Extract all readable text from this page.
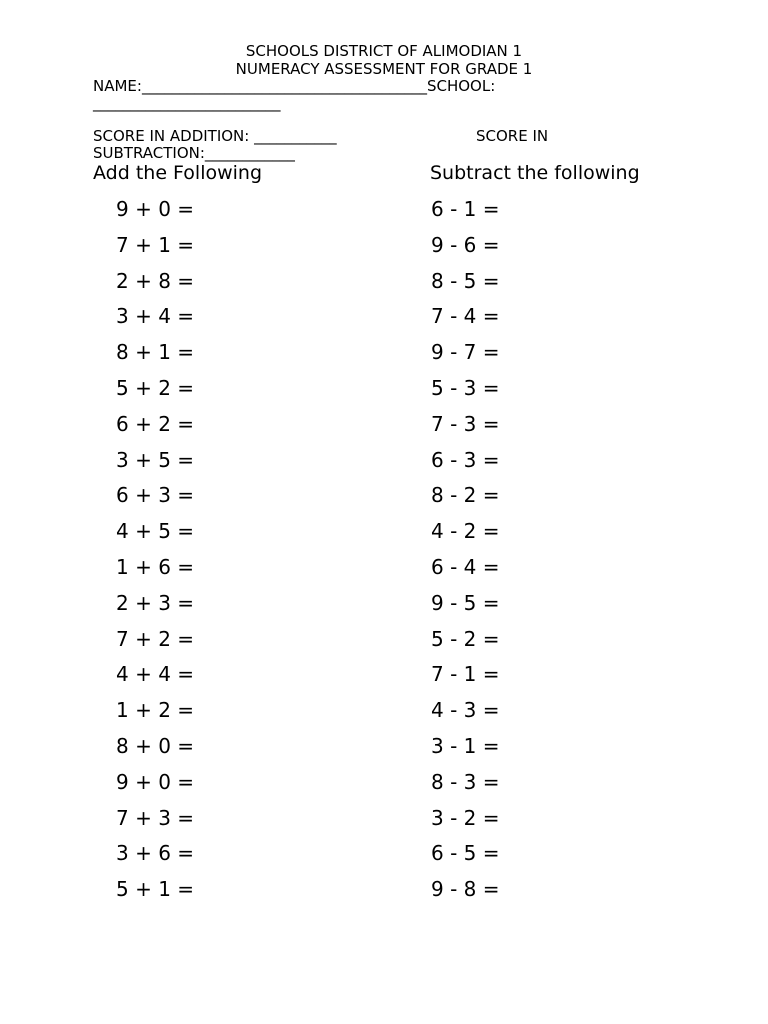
SCHOOLS DISTRICT OF ALIMODIAN 1
NUMERACY ASSESSMENT FOR GRADE 1
NAME:______________________________________SCHOOL:
_________________________
SCORE IN ADDITION: ___________	SCORE IN
SUBTRACTION:____________
Add the Following	Subtract the following
9 + 0 =
7 + 1 =
2 + 8 =
3 + 4 =
8 + 1 =
5 + 2 =
6 + 2 =
3 + 5 =
6 + 3 =
4 + 5 =
1 + 6 =
2 + 3 =
7 + 2 =
4 + 4 =
1 + 2 =
8 + 0 =
9 + 0 =
7 + 3 =
3 + 6 =
5 + 1 =
6 - 1 =
9 - 6 =
8 - 5 =
7 - 4 =
9 - 7 =
5 - 3 =
7 - 3 =
6 - 3 =
8 - 2 =
4 - 2 =
6 - 4 =
9 - 5 =
5 - 2 =
7 - 1 =
4 - 3 =
3 - 1 =
8 - 3 =
3 - 2 =
6 - 5 =
9 - 8 =
